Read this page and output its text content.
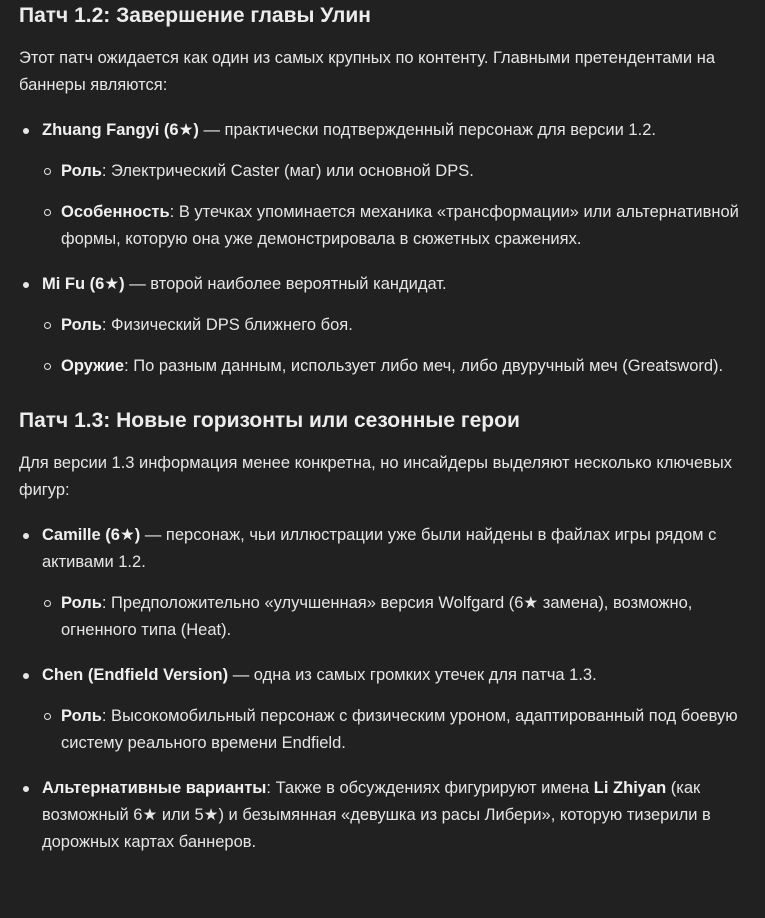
Патч 1.2: Завершение главы Улин

Этот патч ожидается как один из самых крупных по контенту. Главными претендентами на баннеры являются:

Zhuang Fangyi (6★) — практически подтвержденный персонаж для версии 1.2.
Роль: Электрический Caster (маг) или основной DPS.
Особенность: В утечках упоминается механика «трансформации» или альтернативной формы, которую она уже демонстрировала в сюжетных сражениях.
Mi Fu (6★) — второй наиболее вероятный кандидат.
Роль: Физический DPS ближнего боя.
Оружие: По разным данным, использует либо меч, либо двуручный меч (Greatsword).
Патч 1.3: Новые горизонты или сезонные герои

Для версии 1.3 информация менее конкретна, но инсайдеры выделяют несколько ключевых фигур:

Camille (6★) — персонаж, чьи иллюстрации уже были найдены в файлах игры рядом с активами 1.2.
Роль: Предположительно «улучшенная» версия Wolfgard (6★ замена), возможно, огненного типа (Heat).
Chen (Endfield Version) — одна из самых громких утечек для патча 1.3.
Роль: Высокомобильный персонаж с физическим уроном, адаптированный под боевую систему реального времени Endfield.
Альтернативные варианты: Также в обсуждениях фигурируют имена Li Zhiyan (как возможный 6★ или 5★) и безымянная «девушка из расы Либери», которую тизерили в дорожных картах баннеров.
